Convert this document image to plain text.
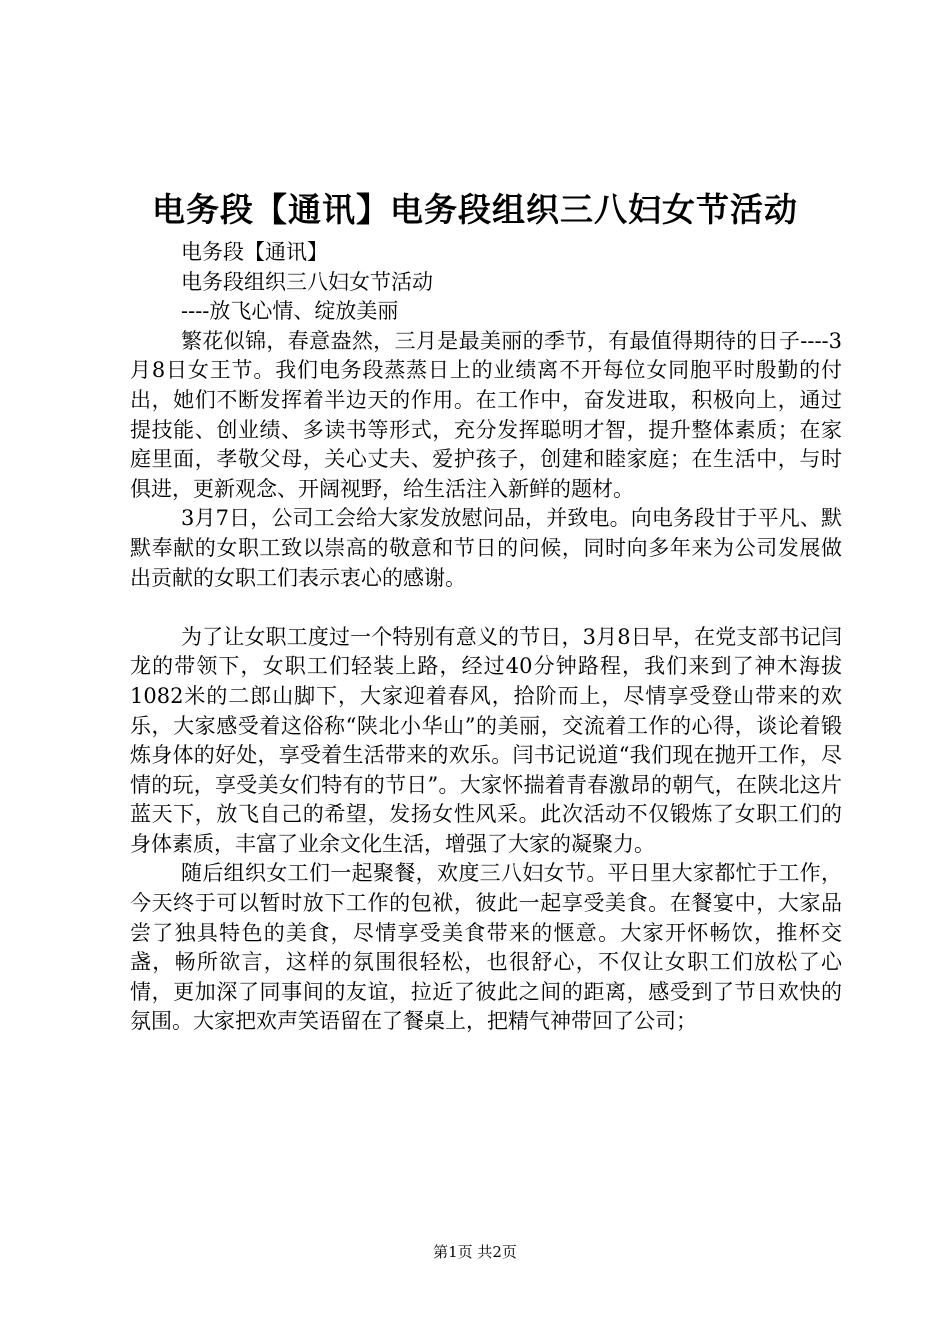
电务段【通讯】电务段组织三八妇女节活动

电务段【通讯】

电务段组织三八妇女节活动

----放飞心情、绽放美丽

繁花似锦，春意盎然，三月是最美丽的季节，有最值得期待的日子----3月8日女王节。我们电务段蒸蒸日上的业绩离不开每位女同胞平时殷勤的付出，她们不断发挥着半边天的作用。在工作中，奋发进取，积极向上，通过提技能、创业绩、多读书等形式，充分发挥聪明才智，提升整体素质；在家庭里面，孝敬父母，关心丈夫、爱护孩子，创建和睦家庭；在生活中，与时俱进，更新观念、开阔视野，给生活注入新鲜的题材。

3月7日，公司工会给大家发放慰问品，并致电。向电务段甘于平凡、默默奉献的女职工致以崇高的敬意和节日的问候，同时向多年来为公司发展做出贡献的女职工们表示衷心的感谢。

为了让女职工度过一个特别有意义的节日，3月8日早，在党支部书记闫龙的带领下，女职工们轻装上路，经过40分钟路程，我们来到了神木海拔1082米的二郎山脚下，大家迎着春风，拾阶而上，尽情享受登山带来的欢乐，大家感受着这俗称“陕北小华山”的美丽，交流着工作的心得，谈论着锻炼身体的好处，享受着生活带来的欢乐。闫书记说道“我们现在抛开工作，尽情的玩，享受美女们特有的节日”。大家怀揣着青春激昂的朝气，在陕北这片蓝天下，放飞自己的希望，发扬女性风采。此次活动不仅锻炼了女职工们的身体素质，丰富了业余文化生活，增强了大家的凝聚力。

随后组织女工们一起聚餐，欢度三八妇女节。平日里大家都忙于工作，今天终于可以暂时放下工作的包袱，彼此一起享受美食。在餐宴中，大家品尝了独具特色的美食，尽情享受美食带来的惬意。大家开怀畅饮，推杯交盏，畅所欲言，这样的氛围很轻松，也很舒心，不仅让女职工们放松了心情，更加深了同事间的友谊，拉近了彼此之间的距离，感受到了节日欢快的氛围。大家把欢声笑语留在了餐桌上，把精气神带回了公司；

第1页 共2页
